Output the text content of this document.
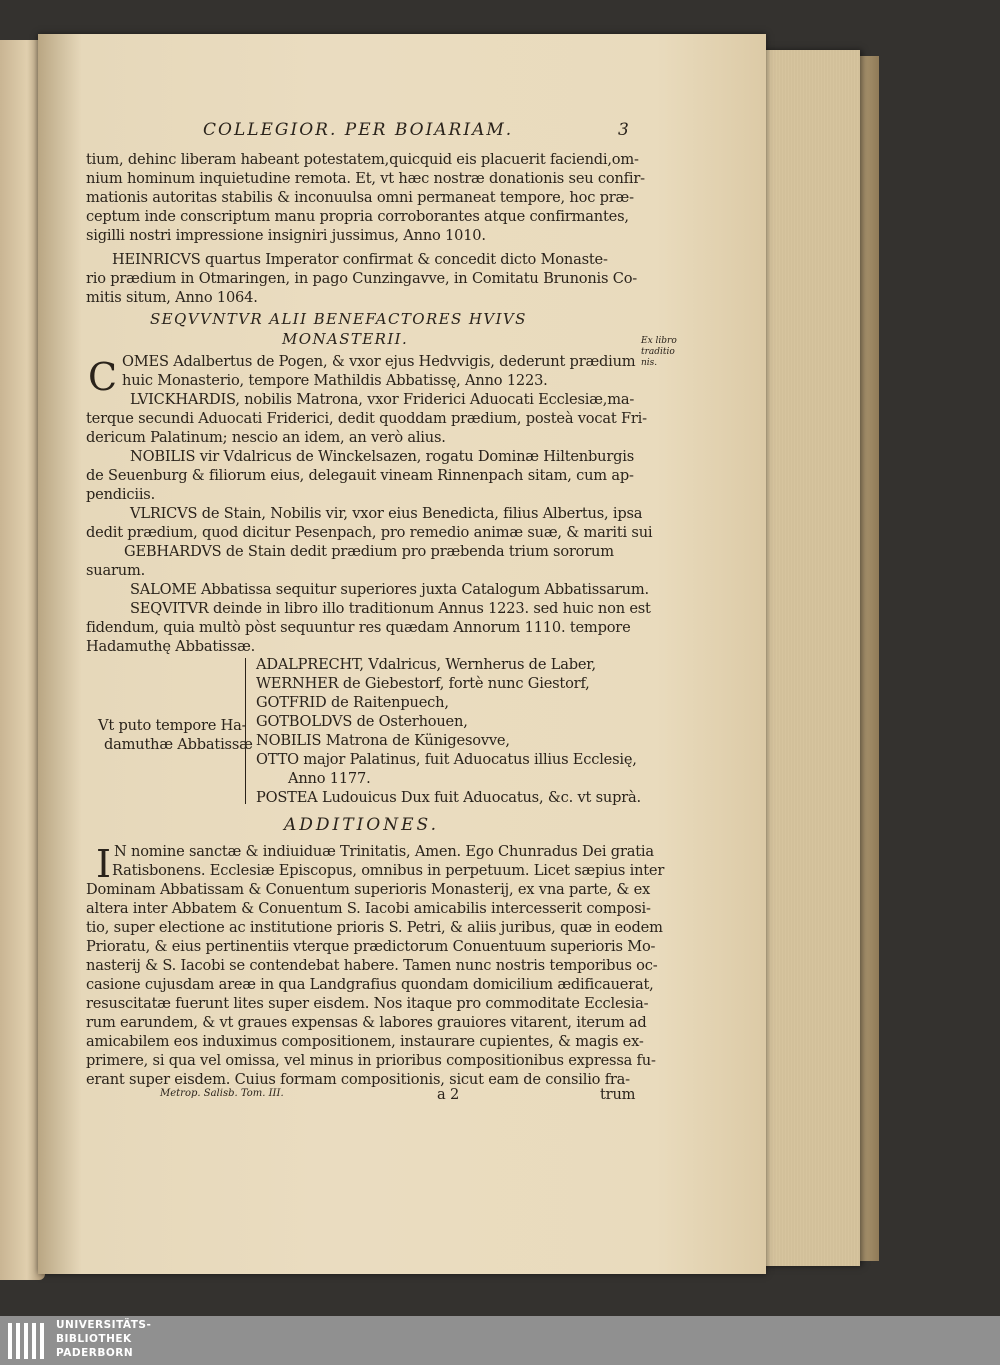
COLLEGIOR. PER BOIARIAM.	3
tium, dehinc liberam habeant potestatem,quicquid eis placuerit faciendi,om-
nium hominum inquietudine remota. Et, vt hæc nostræ donationis seu confir-
mationis autoritas stabilis & inconuulsa omni permaneat tempore, hoc præ-
ceptum inde conscriptum manu propria corroborantes atque confirmantes,
sigilli nostri impressione insigniri jussimus, Anno 1010.
HEINRICVS quartus Imperator confirmat & concedit dicto Monaste-
rio prædium in Otmaringen, in pago Cunzingavve, in Comitatu Brunonis Co-
mitis situm, Anno 1064.
SEQVVNTVR ALII BENEFACTORES HVIVS
MONASTERII.	Ex libro
traditio
nis.
C OMES Adalbertus de Pogen, & vxor ejus Hedvvigis, dederunt prædium
huic Monasterio, tempore Mathildis Abbatissę, Anno 1223.
LVICKHARDIS, nobilis Matrona, vxor Friderici Aduocati Ecclesiæ,ma-
terque secundi Aduocati Friderici, dedit quoddam prædium, posteà vocat Fri-
dericum Palatinum; nescio an idem, an verò alius.
NOBILIS vir Vdalricus de Winckelsazen, rogatu Dominæ Hiltenburgis
de Seuenburg & filiorum eius, delegauit vineam Rinnenpach sitam, cum ap-
pendiciis.
VLRICVS de Stain, Nobilis vir, vxor eius Benedicta, filius Albertus, ipsa
dedit prædium, quod dicitur Pesenpach, pro remedio animæ suæ, & mariti sui
GEBHARDVS de Stain dedit prædium pro præbenda trium sororum
suarum.
SALOME Abbatissa sequitur superiores juxta Catalogum Abbatissarum.
SEQVITVR deinde in libro illo traditionum Annus 1223. sed huic non est
fidendum, quia multò pòst sequuntur res quædam Annorum 1110. tempore
Hadamuthę Abbatissæ.
Vt puto tempore Ha-
damuthæ Abbatissæ
ADALPRECHT, Vdalricus, Wernherus de Laber,
WERNHER de Giebestorf, fortè nunc Giestorf,
GOTFRID de Raitenpuech,
GOTBOLDVS de Osterhouen,
NOBILIS Matrona de Künigesovve,
OTTO major Palatinus, fuit Aduocatus illius Ecclesię,
Anno 1177.
POSTEA Ludouicus Dux fuit Aduocatus, &c. vt suprà.
ADDITIONES.
I N nomine sanctæ & indiuiduæ Trinitatis, Amen. Ego Chunradus Dei gratia
Ratisbonens. Ecclesiæ Episcopus, omnibus in perpetuum. Licet sæpius inter
Dominam Abbatissam & Conuentum superioris Monasterij, ex vna parte, & ex
altera inter Abbatem & Conuentum S. Iacobi amicabilis intercesserit composi-
tio, super electione ac institutione prioris S. Petri, & aliis juribus, quæ in eodem
Prioratu, & eius pertinentiis vterque prædictorum Conuentuum superioris Mo-
nasterij & S. Iacobi se contendebat habere. Tamen nunc nostris temporibus oc-
casione cujusdam areæ in qua Landgrafius quondam domicilium ædificauerat,
resuscitatæ fuerunt lites super eisdem. Nos itaque pro commoditate Ecclesia-
rum earundem, & vt graues expensas & labores grauiores vitarent, iterum ad
amicabilem eos induximus compositionem, instaurare cupientes, & magis ex-
primere, si qua vel omissa, vel minus in prioribus compositionibus expressa fu-
erant super eisdem. Cuius formam compositionis, sicut eam de consilio fra-
Metrop. Salisb. Tom. III.	a 2	trum
UNIVERSITÄTS-
BIBLIOTHEK
PADERBORN
